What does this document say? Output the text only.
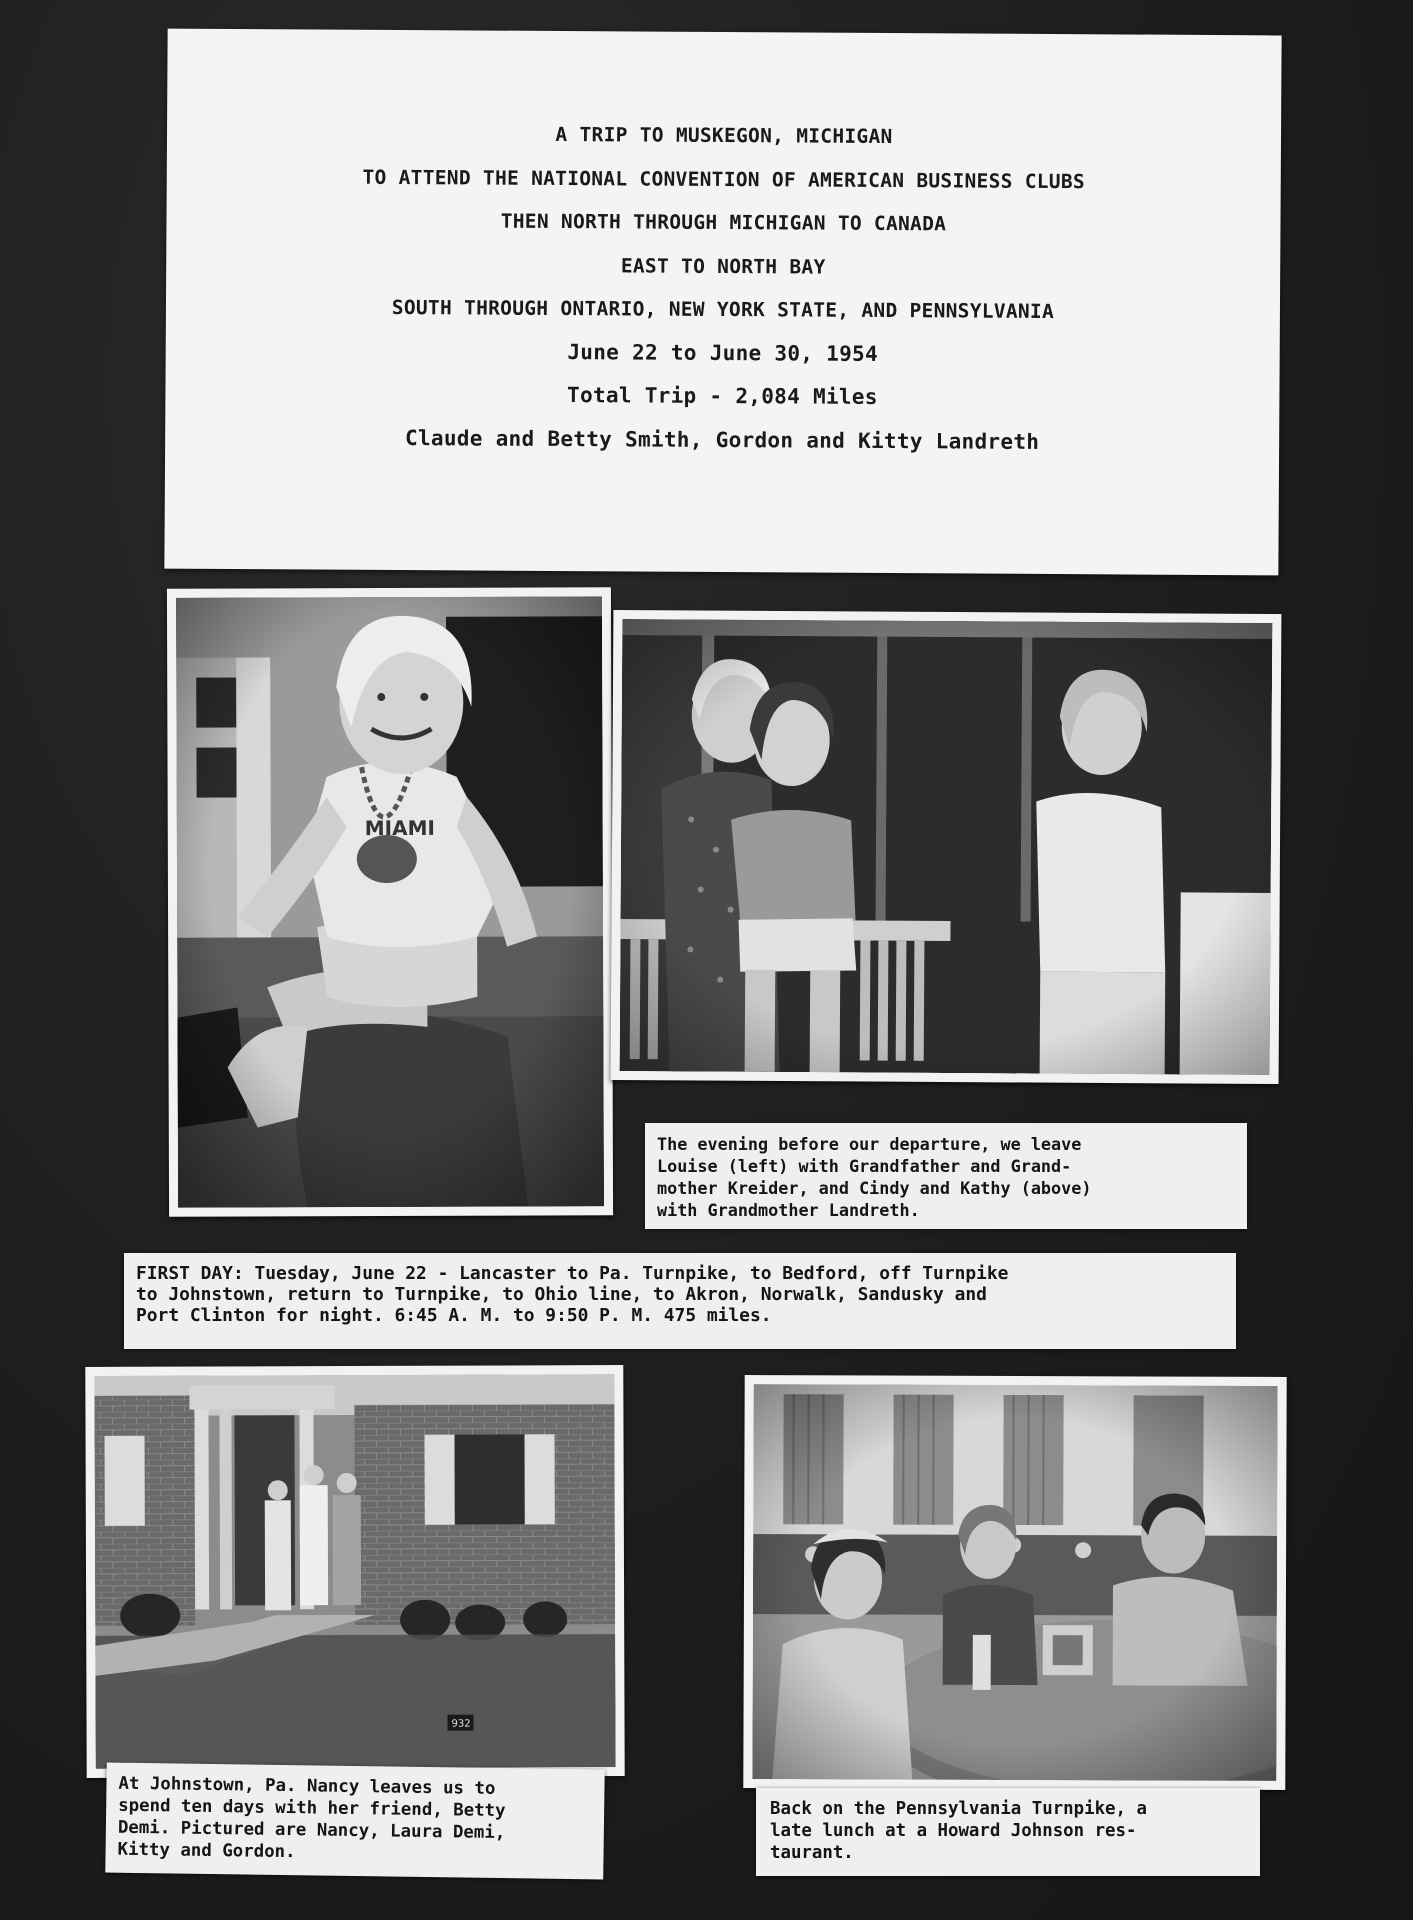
A TRIP TO MUSKEGON, MICHIGAN
TO ATTEND THE NATIONAL CONVENTION OF AMERICAN BUSINESS CLUBS
THEN NORTH THROUGH MICHIGAN TO CANADA
EAST TO NORTH BAY
SOUTH THROUGH ONTARIO, NEW YORK STATE, AND PENNSYLVANIA
June 22 to June 30, 1954
Total Trip - 2,084 Miles
Claude and Betty Smith, Gordon and Kitty Landreth
The evening before our departure, we leave
Louise (left) with Grandfather and Grand-
mother Kreider, and Cindy and Kathy (above)
with Grandmother Landreth.
FIRST DAY: Tuesday, June 22 - Lancaster to Pa. Turnpike, to Bedford, off Turnpike
to Johnstown, return to Turnpike, to Ohio line, to Akron, Norwalk, Sandusky and
Port Clinton for night. 6:45 A. M. to 9:50 P. M. 475 miles.
932
At Johnstown, Pa. Nancy leaves us to
spend ten days with her friend, Betty
Demi. Pictured are Nancy, Laura Demi,
Kitty and Gordon.
Back on the Pennsylvania Turnpike, a
late lunch at a Howard Johnson res-
taurant.
